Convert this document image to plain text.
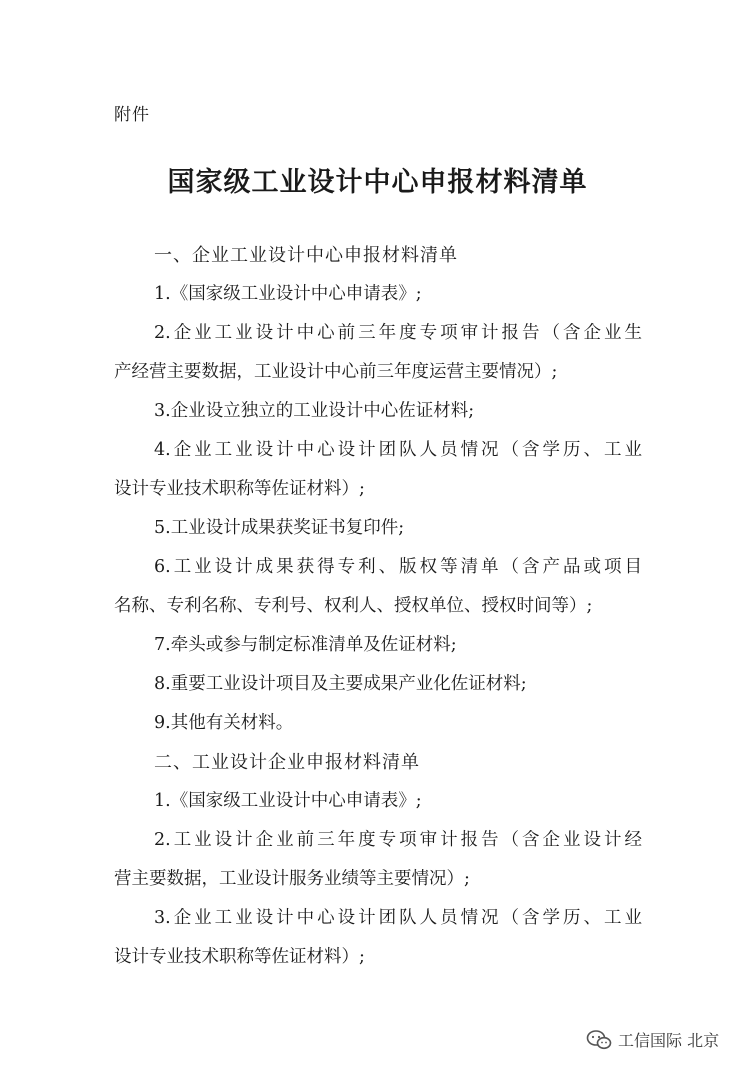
附件
国家级工业设计中心申报材料清单
一、企业工业设计中心申报材料清单
1.《国家级工业设计中心申请表》;
2.企业工业设计中心前三年度专项审计报告（含企业生
产经营主要数据，工业设计中心前三年度运营主要情况）;
3.企业设立独立的工业设计中心佐证材料;
4.企业工业设计中心设计团队人员情况（含学历、工业
设计专业技术职称等佐证材料）;
5.工业设计成果获奖证书复印件;
6.工业设计成果获得专利、版权等清单（含产品或项目
名称、专利名称、专利号、权利人、授权单位、授权时间等）;
7.牵头或参与制定标准清单及佐证材料;
8.重要工业设计项目及主要成果产业化佐证材料;
9.其他有关材料。
二、工业设计企业申报材料清单
1.《国家级工业设计中心申请表》;
2.工业设计企业前三年度专项审计报告（含企业设计经
营主要数据，工业设计服务业绩等主要情况）;
3.企业工业设计中心设计团队人员情况（含学历、工业
设计专业技术职称等佐证材料）;
工信国际 北京
